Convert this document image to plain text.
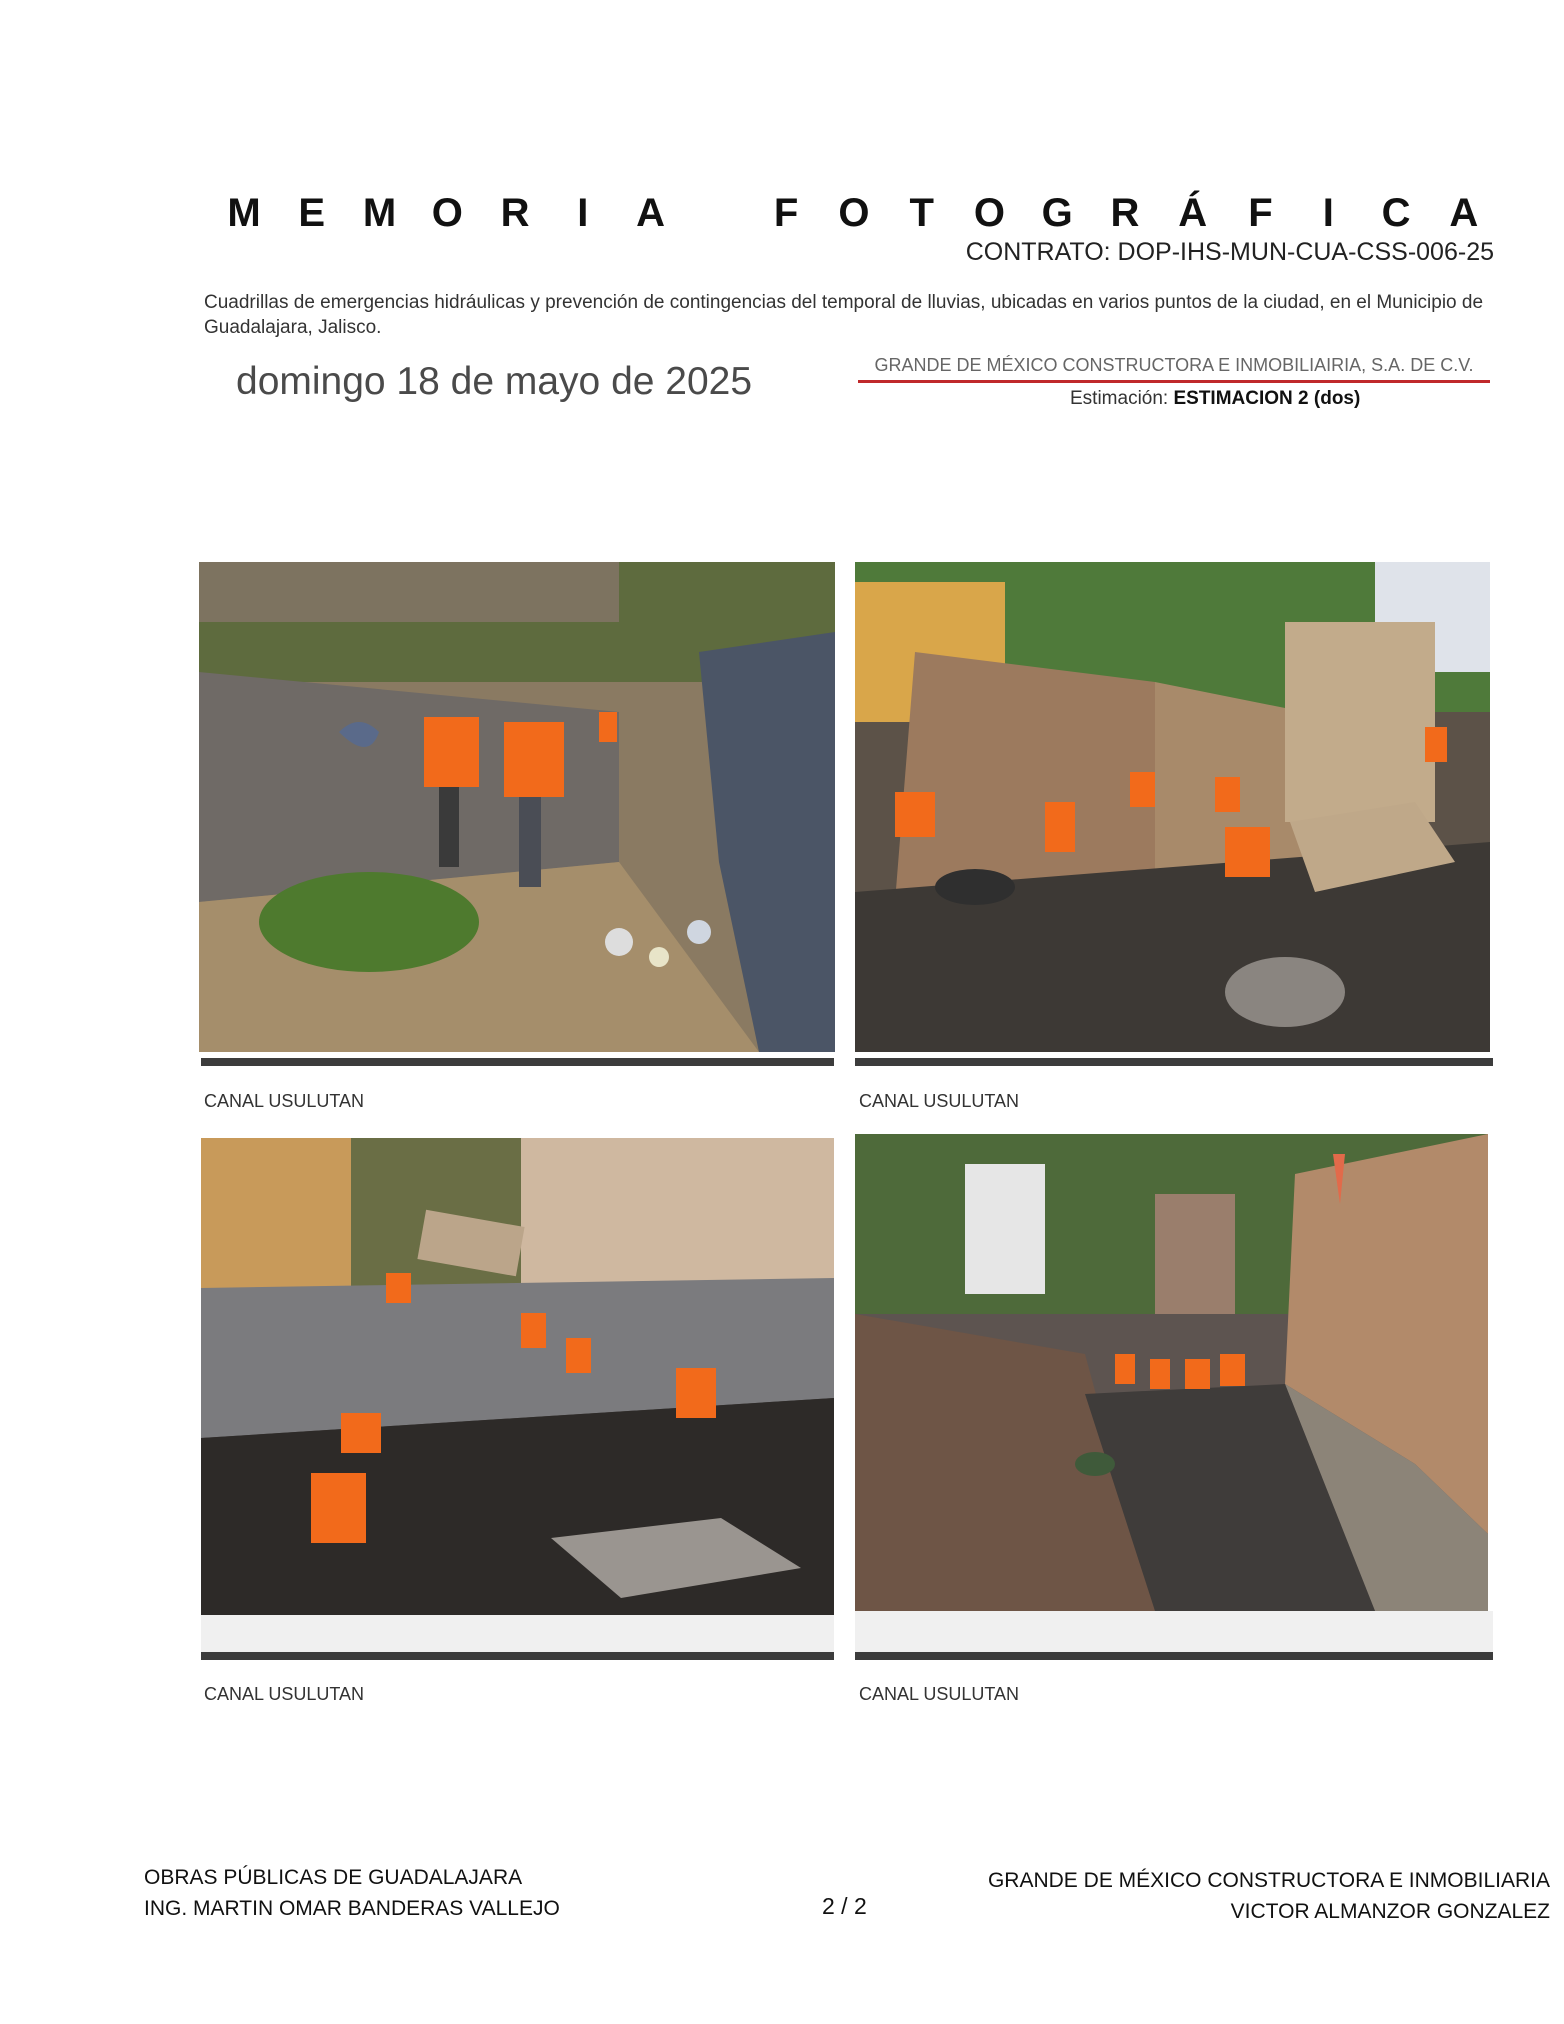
M E M O R	I	A	F O T O G R Á	F	I	C A
CONTRATO: DOP-IHS-MUN-CUA-CSS-006-25
Cuadrillas de emergencias hidráulicas y prevención de contingencias del temporal de lluvias, ubicadas en varios puntos de la ciudad, en el Municipio de Guadalajara, Jalisco.
domingo 18 de mayo de 2025	GRANDE DE MÉXICO CONSTRUCTORA E INMOBILIAIRIA, S.A. DE C.V.
Estimación: ESTIMACION 2 (dos)
CANAL USULUTAN	CANAL USULUTAN
CANAL USULUTAN	CANAL USULUTAN
OBRAS PÚBLICAS DE GUADALAJARA
ING. MARTIN OMAR BANDERAS VALLEJO	2 / 2
GRANDE DE MÉXICO CONSTRUCTORA E INMOBILIARIA
VICTOR ALMANZOR GONZALEZ
